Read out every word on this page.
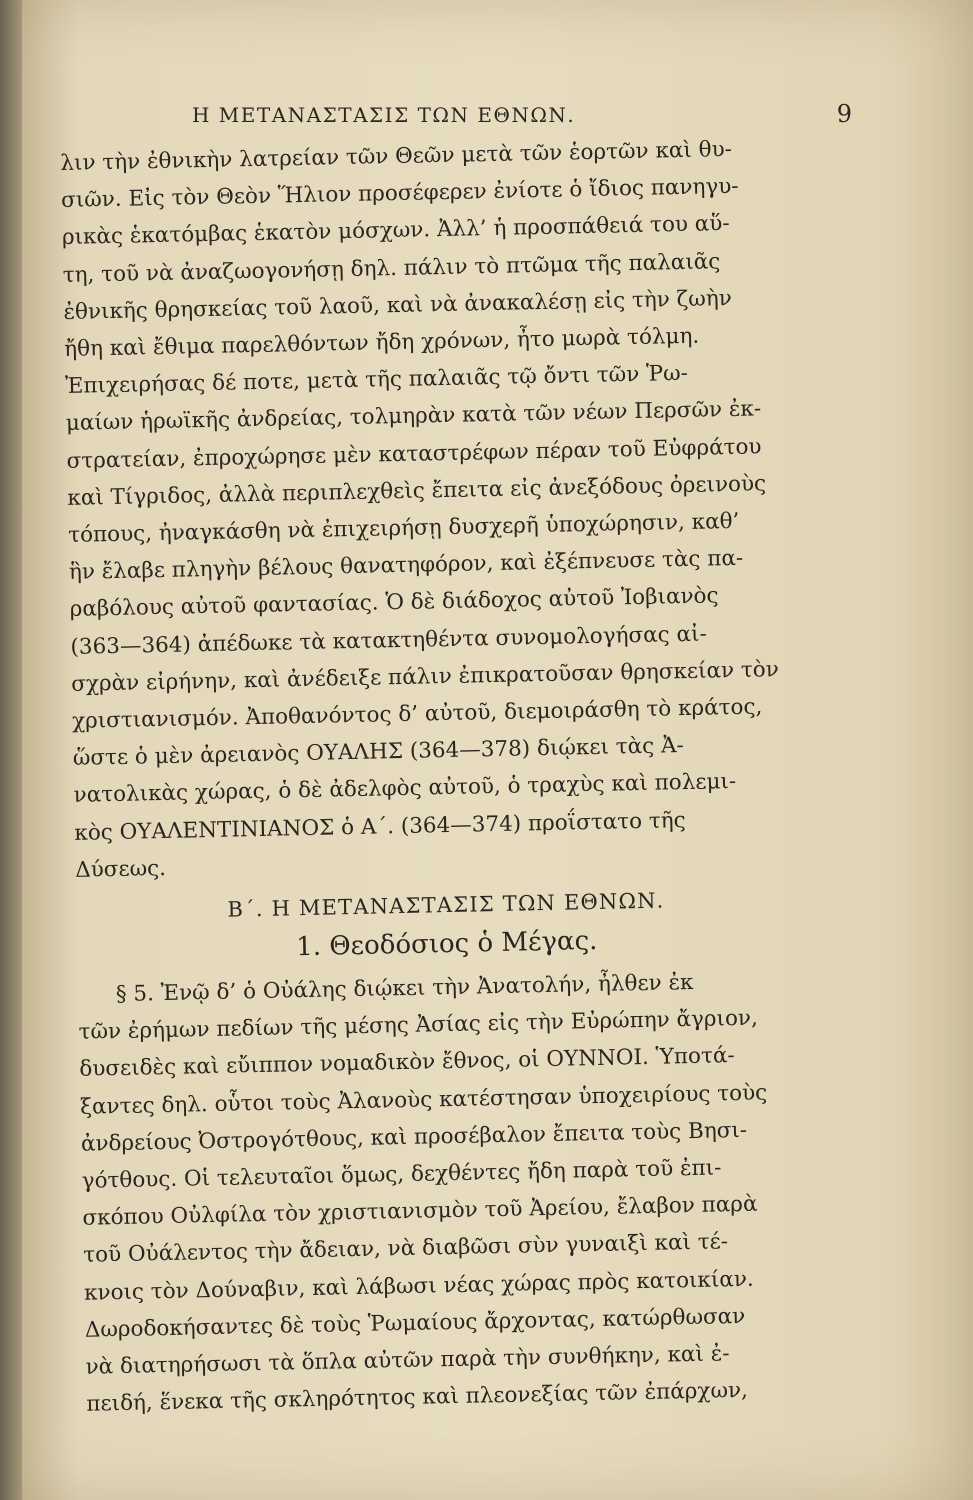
Η ΜΕΤΑΝΑΣΤΑΣΙΣ ΤΩΝ ΕΘΝΩΝ.	9
λιν τὴν ἐθνικὴν λατρείαν τῶν Θεῶν μετὰ τῶν ἑορτῶν καὶ θυ-
σιῶν. Εἰς τὸν Θεὸν Ἥλιον προσέφερεν ἐνίοτε ὁ ἴδιος πανηγυ-
ρικὰς ἑκατόμβας ἑκατὸν μόσχων. Ἀλλ’ ἡ προσπάθειά του αὕ-
τη, τοῦ νὰ ἀναζωογονήσῃ δηλ. πάλιν τὸ πτῶμα τῆς παλαιᾶς
ἐθνικῆς θρησκείας τοῦ λαοῦ, καὶ νὰ ἀνακαλέσῃ εἰς τὴν ζωὴν
ἤθη καὶ ἔθιμα παρελθόντων ἤδη χρόνων, ἦτο μωρὰ τόλμη.
Ἐπιχειρήσας δέ ποτε, μετὰ τῆς παλαιᾶς τῷ ὄντι τῶν Ῥω-
μαίων ἡρωϊκῆς ἀνδρείας, τολμηρὰν κατὰ τῶν νέων Περσῶν ἐκ-
στρατείαν, ἐπροχώρησε μὲν καταστρέφων πέραν τοῦ Εὐφράτου
καὶ Τίγριδος, ἀλλὰ περιπλεχθεὶς ἔπειτα εἰς ἀνεξόδους ὀρεινοὺς
τόπους, ἠναγκάσθη νὰ ἐπιχειρήσῃ δυσχερῆ ὑποχώρησιν, καθ’
ἣν ἔλαβε πληγὴν βέλους θανατηφόρον, καὶ ἐξέπνευσε τὰς πα-
ραβόλους αὐτοῦ φαντασίας. Ὁ δὲ διάδοχος αὐτοῦ Ἰοβιανὸς
(363—364) ἀπέδωκε τὰ κατακτηθέντα συνομολογήσας αἰ-
σχρὰν εἰρήνην, καὶ ἀνέδειξε πάλιν ἐπικρατοῦσαν θρησκείαν τὸν
χριστιανισμόν. Ἀποθανόντος δ’ αὐτοῦ, διεμοιράσθη τὸ κράτος,
ὥστε ὁ μὲν ἀρειανὸς ΟΥΑΛΗΣ (364—378) διῴκει τὰς Ἀ-
νατολικὰς χώρας, ὁ δὲ ἀδελφὸς αὐτοῦ, ὁ τραχὺς καὶ πολεμι-
κὸς ΟΥΑΛΕΝΤΙΝΙΑΝΟΣ ὁ Α΄. (364—374) προΐστατο τῆς
Δύσεως.
Β΄. Η ΜΕΤΑΝΑΣΤΑΣΙΣ ΤΩΝ ΕΘΝΩΝ.
1. Θεοδόσιος ὁ Μέγας.
§ 5. Ἐνῷ δ’ ὁ Οὐάλης διῴκει τὴν Ἀνατολήν, ἦλθεν ἐκ
τῶν ἐρήμων πεδίων τῆς μέσης Ἀσίας εἰς τὴν Εὐρώπην ἄγριον,
δυσειδὲς καὶ εὔιππον νομαδικὸν ἔθνος, οἱ ΟΥΝΝΟΙ. Ὑποτά-
ξαντες δηλ. οὗτοι τοὺς Ἀλανοὺς κατέστησαν ὑποχειρίους τοὺς
ἀνδρείους Ὀστρογότθους, καὶ προσέβαλον ἔπειτα τοὺς Βησι-
γότθους. Οἱ τελευταῖοι ὅμως, δεχθέντες ἤδη παρὰ τοῦ ἐπι-
σκόπου Οὐλφίλα τὸν χριστιανισμὸν τοῦ Ἀρείου, ἔλαβον παρὰ
τοῦ Οὐάλεντος τὴν ἄδειαν, νὰ διαβῶσι σὺν γυναιξὶ καὶ τέ-
κνοις τὸν Δούναβιν, καὶ λάβωσι νέας χώρας πρὸς κατοικίαν.
Δωροδοκήσαντες δὲ τοὺς Ῥωμαίους ἄρχοντας, κατώρθωσαν
νὰ διατηρήσωσι τὰ ὅπλα αὐτῶν παρὰ τὴν συνθήκην, καὶ ἐ-
πειδή, ἕνεκα τῆς σκληρότητος καὶ πλεονεξίας τῶν ἐπάρχων,
